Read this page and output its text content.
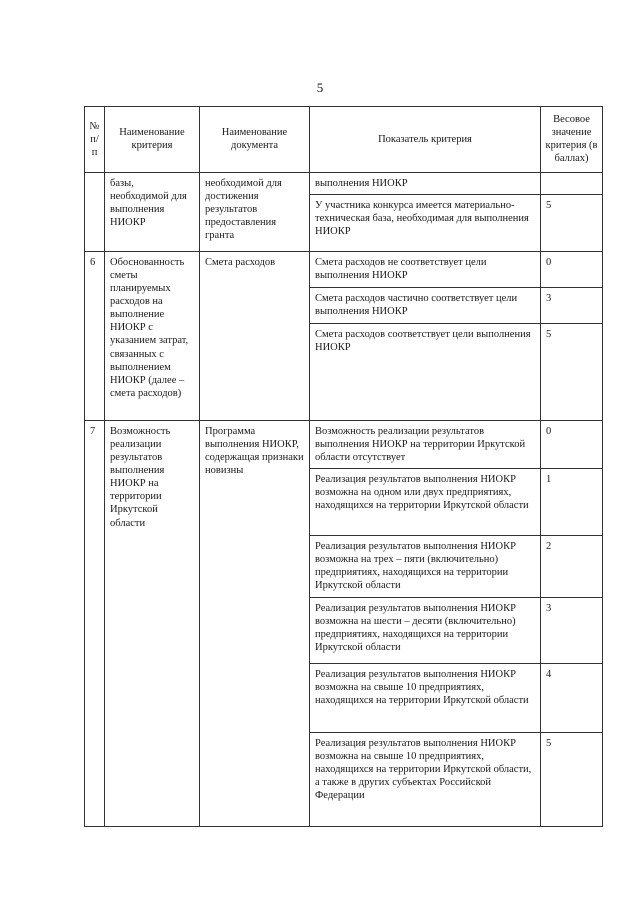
5
№ п/п	Наименование критерия	Наименование документа	Показатель критерия	Весовое значение критерия (в баллах)
	базы, необходимой для выполнения НИОКР	необходимой для достижения результатов предоставления гранта	выполнения НИОКР	
			У участника конкурса имеется материально-техническая база, необходимая для выполнения НИОКР	5
6	Обоснованность сметы планируемых расходов на выполнение НИОКР с указанием затрат, связанных с выполнением НИОКР (далее – смета расходов)	Смета расходов	Смета расходов не соответствует цели выполнения НИОКР	0
			Смета расходов частично соответствует цели выполнения НИОКР	3
			Смета расходов соответствует цели выполнения НИОКР	5
7	Возможность реализации результатов выполнения НИОКР на территории Иркутской области	Программа выполнения НИОКР, содержащая признаки новизны	Возможность реализации результатов выполнения НИОКР на территории Иркутской области отсутствует	0
			Реализация результатов выполнения НИОКР возможна на одном или двух предприятиях, находящихся на территории Иркутской области	1
			Реализация результатов выполнения НИОКР возможна на трех – пяти (включительно) предприятиях, находящихся на территории Иркутской области	2
			Реализация результатов выполнения НИОКР возможна на шести – десяти (включительно) предприятиях, находящихся на территории Иркутской области	3
			Реализация результатов выполнения НИОКР возможна на свыше 10 предприятиях, находящихся на территории Иркутской области	4
			Реализация результатов выполнения НИОКР возможна на свыше 10 предприятиях, находящихся на территории Иркутской области, а также в других субъектах Российской Федерации	5
